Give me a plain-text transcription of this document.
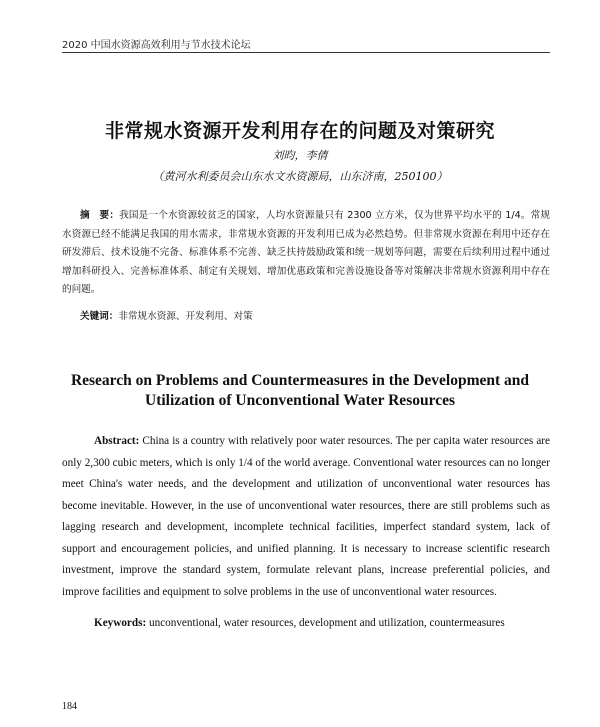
2020 中国水资源高效利用与节水技术论坛
非常规水资源开发利用存在的问题及对策研究
刘昀，李倩
（黄河水利委员会山东水文水资源局，山东济南，250100）

摘　要：我国是一个水资源较贫乏的国家，人均水资源量只有 2300 立方米，仅为世界平均水平的 1/4。常规水资源已经不能满足我国的用水需求，非常规水资源的开发利用已成为必然趋势。但非常规水资源在利用中还存在研发滞后、技术设施不完备、标准体系不完善、缺乏扶持鼓励政策和统一规划等问题，需要在后续利用过程中通过增加科研投入、完善标准体系、制定有关规划、增加优惠政策和完善设施设备等对策解决非常规水资源利用中存在的问题。

关键词：非常规水资源、开发利用、对策
Research on Problems and Countermeasures in the Development and Utilization of Unconventional Water Resources

Abstract: China is a country with relatively poor water resources. The per capita water resources are only 2,300 cubic meters, which is only 1/4 of the world average. Conventional water resources can no longer meet China's water needs, and the development and utilization of unconventional water resources has become inevitable. However, in the use of unconventional water resources, there are still problems such as lagging research and development, incomplete technical facilities, imperfect standard system, lack of support and encouragement policies, and unified planning. It is necessary to increase scientific research investment, improve the standard system, formulate relevant plans, increase preferential policies, and improve facilities and equipment to solve problems in the use of unconventional water resources.

Keywords: unconventional, water resources, development and utilization, countermeasures
184
